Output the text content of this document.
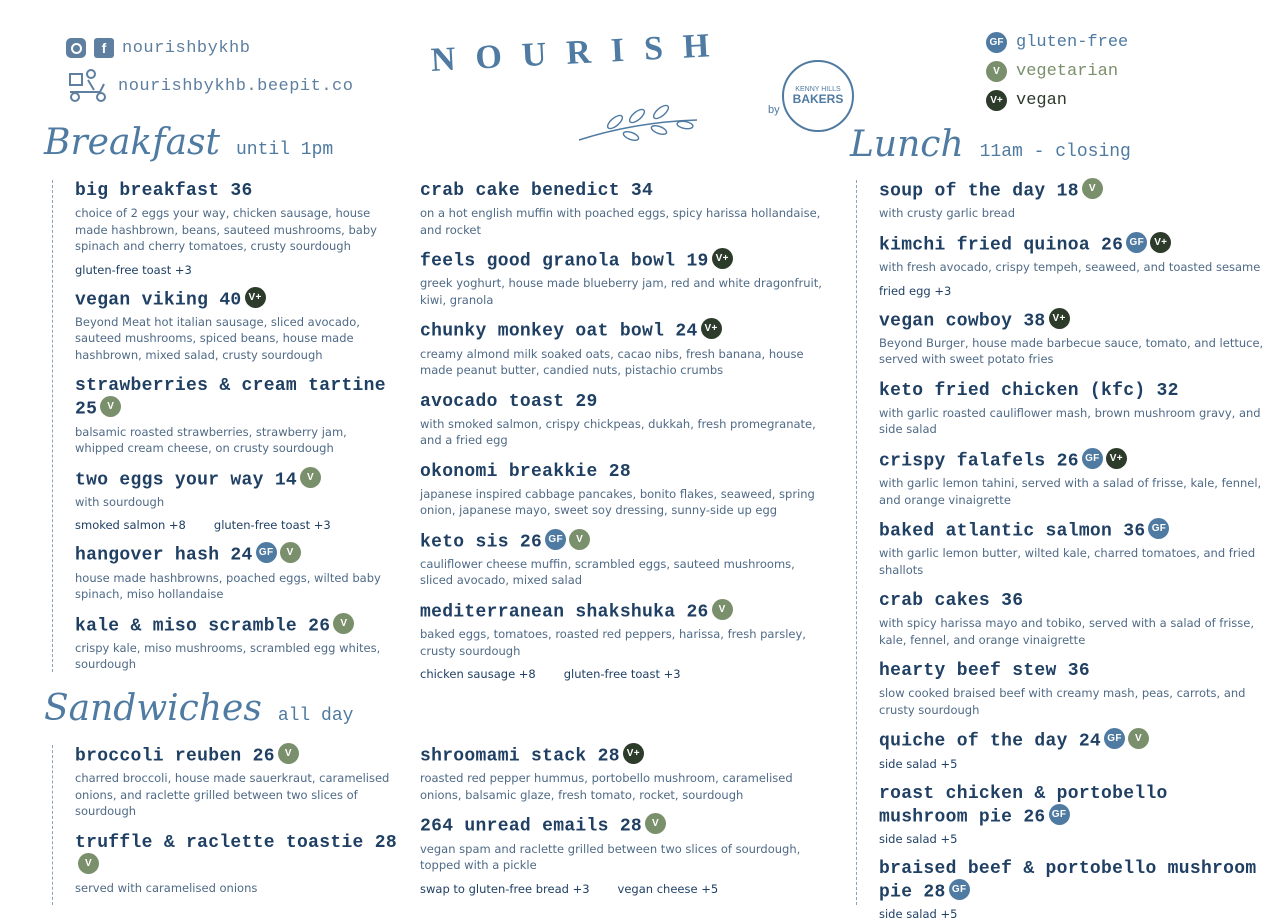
f nourishbykhb
nourishbykhb.beepit.co
NOURISH
by
KENNY HILLS
BAKERS
GF gluten-free
V vegetarian
V+ vegan
Breakfast until 1pm
big breakfast 36
choice of 2 eggs your way, chicken sausage, house made hashbrown, beans, sauteed mushrooms, baby spinach and cherry tomatoes, crusty sourdough
gluten-free toast +3
vegan viking 40 V+
Beyond Meat hot italian sausage, sliced avocado, sauteed mushrooms, spiced beans, house made hashbrown, mixed salad, crusty sourdough
strawberries & cream tartine 25 V
balsamic roasted strawberries, strawberry jam, whipped cream cheese, on crusty sourdough
two eggs your way 14 V
with sourdough
smoked salmon +8 gluten-free toast +3
hangover hash 24 GF V
house made hashbrowns, poached eggs, wilted baby spinach, miso hollandaise
kale & miso scramble 26 V
crispy kale, miso mushrooms, scrambled egg whites, sourdough
crab cake benedict 34
on a hot english muffin with poached eggs, spicy harissa hollandaise, and rocket
feels good granola bowl 19 V+
greek yoghurt, house made blueberry jam, red and white dragonfruit, kiwi, granola
chunky monkey oat bowl 24 V+
creamy almond milk soaked oats, cacao nibs, fresh banana, house made peanut butter, candied nuts, pistachio crumbs
avocado toast 29
with smoked salmon, crispy chickpeas, dukkah, fresh promegranate, and a fried egg
okonomi breakkie 28
japanese inspired cabbage pancakes, bonito flakes, seaweed, spring onion, japanese mayo, sweet soy dressing, sunny-side up egg
keto sis 26 GF V
cauliflower cheese muffin, scrambled eggs, sauteed mushrooms, sliced avocado, mixed salad
mediterranean shakshuka 26 V
baked eggs, tomatoes, roasted red peppers, harissa, fresh parsley, crusty sourdough
chicken sausage +8 gluten-free toast +3
Sandwiches all day
broccoli reuben 26 V
charred broccoli, house made sauerkraut, caramelised onions, and raclette grilled between two slices of sourdough
truffle & raclette toastie 28V
served with caramelised onions
shroomami stack 28 V+
roasted red pepper hummus, portobello mushroom, caramelised onions, balsamic glaze, fresh tomato, rocket, sourdough
264 unread emails 28 V
vegan spam and raclette grilled between two slices of sourdough, topped with a pickle
swap to gluten-free bread +3 vegan cheese +5
Lunch 11am - closing
soup of the day 18 V
with crusty garlic bread
kimchi fried quinoa 26 GF V+
with fresh avocado, crispy tempeh, seaweed, and toasted sesame
fried egg +3
vegan cowboy 38 V+
Beyond Burger, house made barbecue sauce, tomato, and lettuce, served with sweet potato fries
keto fried chicken (kfc) 32
with garlic roasted cauliflower mash, brown mushroom gravy, and side salad
crispy falafels 26 GF V+
with garlic lemon tahini, served with a salad of frisse, kale, fennel, and orange vinaigrette
baked atlantic salmon 36 GF
with garlic lemon butter, wilted kale, charred tomatoes, and fried shallots
crab cakes 36
with spicy harissa mayo and tobiko, served with a salad of frisse, kale, fennel, and orange vinaigrette
hearty beef stew 36
slow cooked braised beef with creamy mash, peas, carrots, and crusty sourdough
quiche of the day 24 GF V
side salad +5
roast chicken & portobello mushroom pie 26 GF
side salad +5
braised beef & portobello mushroom pie 28 GF
side salad +5
